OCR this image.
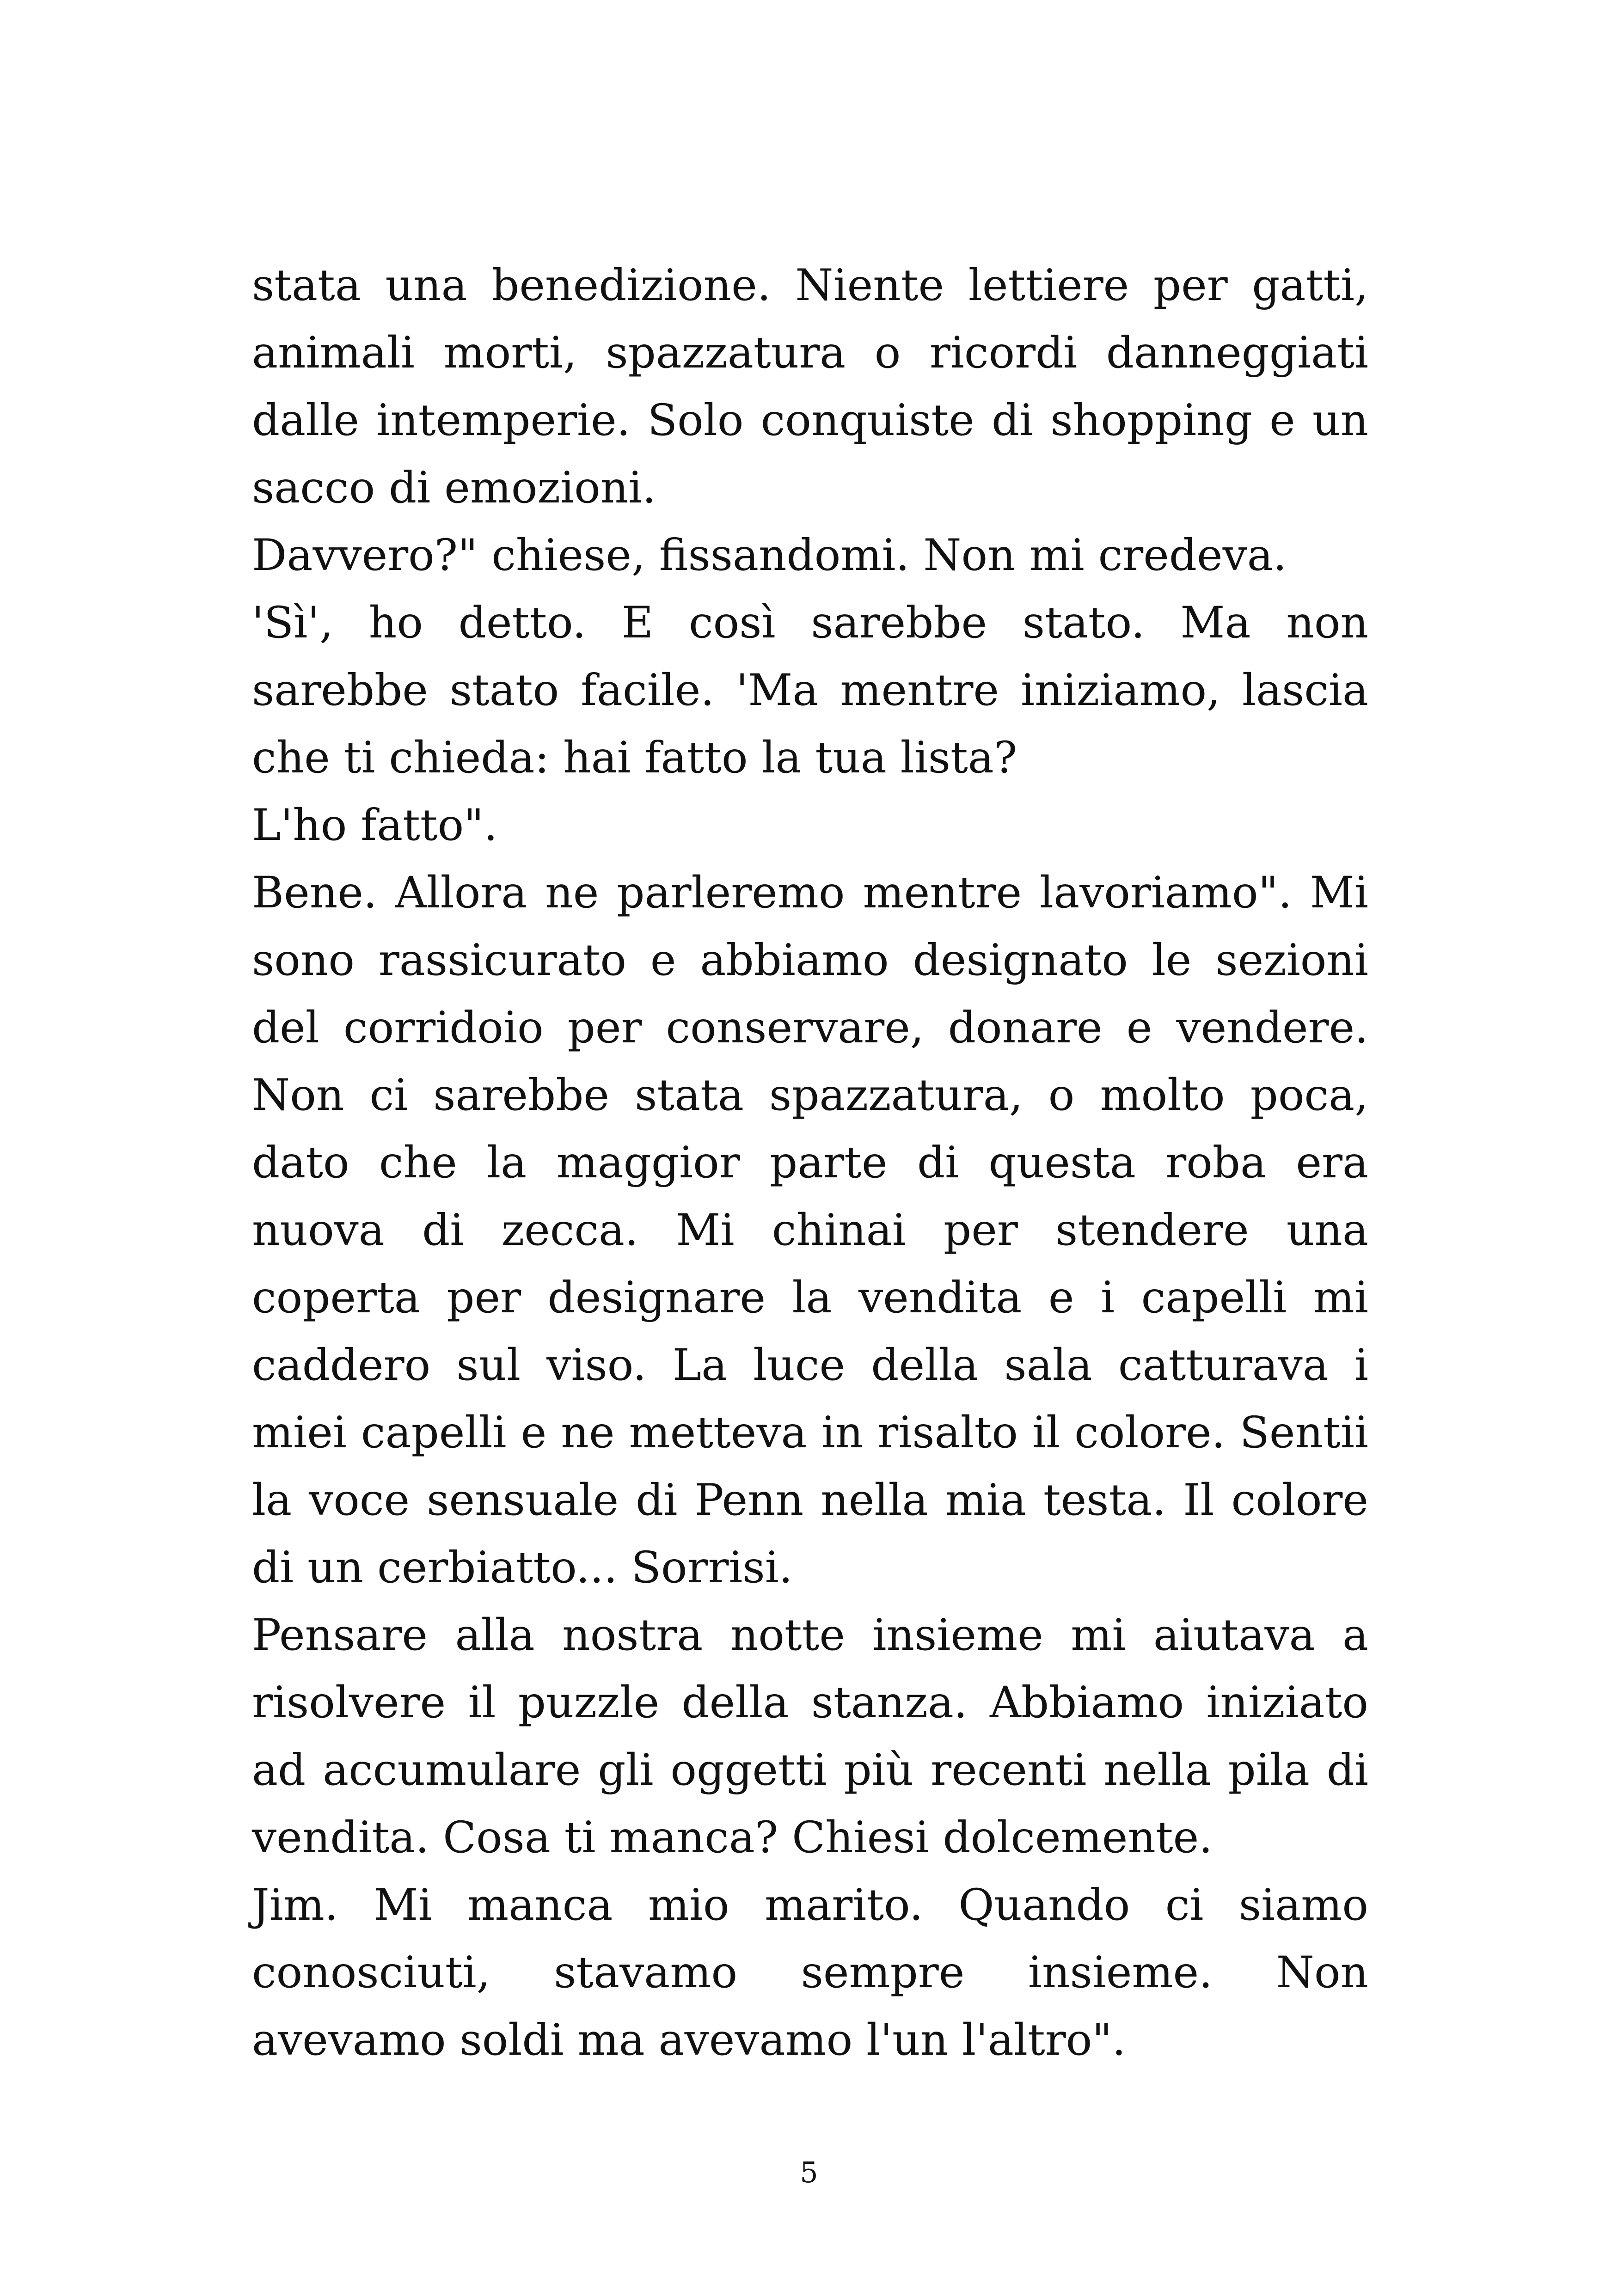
stata una benedizione. Niente lettiere per gatti, animali morti, spazzatura o ricordi danneggiati dalle intemperie. Solo conquiste di shopping e un sacco di emozioni.

Davvero?" chiese, fissandomi. Non mi credeva.

'Sì', ho detto. E così sarebbe stato. Ma non sarebbe stato facile. 'Ma mentre iniziamo, lascia che ti chieda: hai fatto la tua lista?

L'ho fatto".

Bene. Allora ne parleremo mentre lavoriamo". Mi sono rassicurato e abbiamo designato le sezioni del corridoio per conservare, donare e vendere. Non ci sarebbe stata spazzatura, o molto poca, dato che la maggior parte di questa roba era nuova di zecca. Mi chinai per stendere una coperta per designare la vendita e i capelli mi caddero sul viso. La luce della sala catturava i miei capelli e ne metteva in risalto il colore. Sentii la voce sensuale di Penn nella mia testa. Il colore di un cerbiatto... Sorrisi.

Pensare alla nostra notte insieme mi aiutava a risolvere il puzzle della stanza. Abbiamo iniziato ad accumulare gli oggetti più recenti nella pila di vendita. Cosa ti manca? Chiesi dolcemente.

Jim. Mi manca mio marito. Quando ci siamo conosciuti, stavamo sempre insieme. Non avevamo soldi ma avevamo l'un l'altro".

5
